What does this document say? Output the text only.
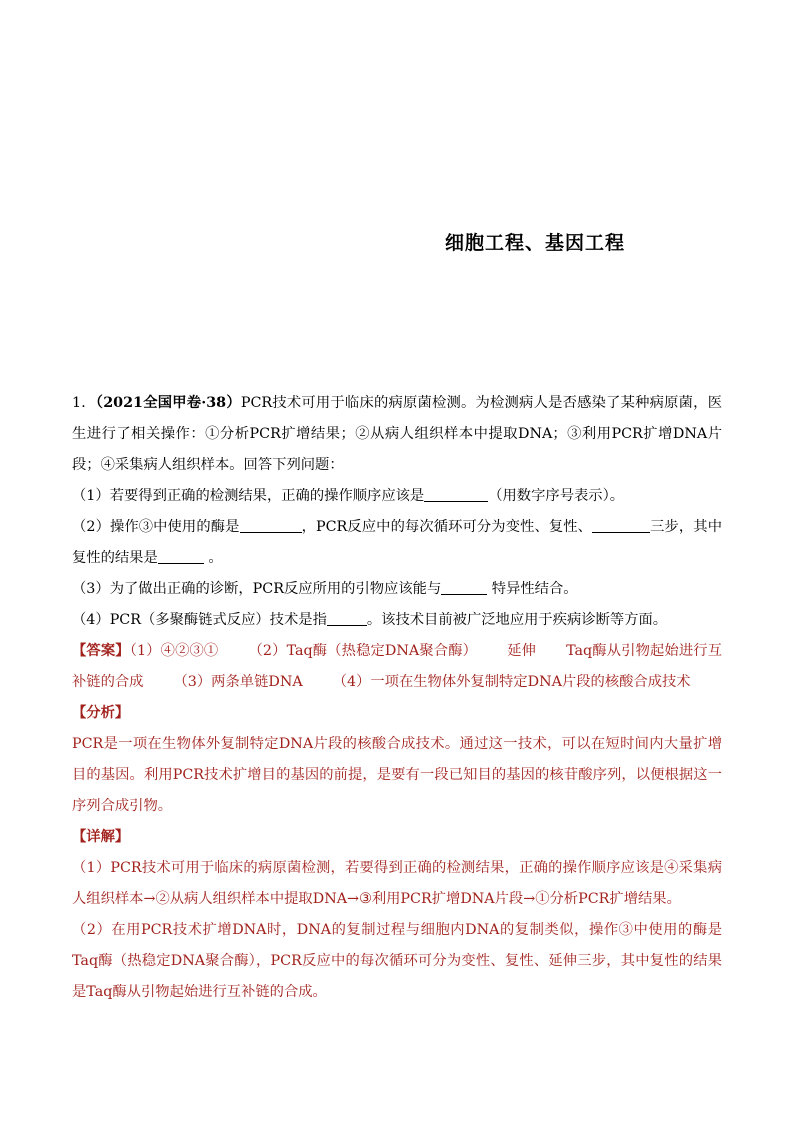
细胞工程、基因工程

1．（2021全国甲卷·38）PCR技术可用于临床的病原菌检测。为检测病人是否感染了某种病原菌，医生进行了相关操作：①分析PCR扩增结果；②从病人组织样本中提取DNA；③利用PCR扩增DNA片段；④采集病人组织样本。回答下列问题：

（1）若要得到正确的检测结果，正确的操作顺序应该是	（用数字序号表示）。

（2）操作③中使用的酶是	，PCR反应中的每次循环可分为变性、复性、	三步，其中复性的结果是	。

（3）为了做出正确的诊断，PCR反应所用的引物应该能与	特异性结合。

（4）PCR（多聚酶链式反应）技术是指	。该技术目前被广泛地应用于疾病诊断等方面。

【答案】（1）④②③① （2）Taq酶（热稳定DNA聚合酶） 延伸 Taq酶从引物起始进行互补链的合成 （3）两条单链DNA （4）一项在生物体外复制特定DNA片段的核酸合成技术

【分析】

PCR是一项在生物体外复制特定DNA片段的核酸合成技术。通过这一技术，可以在短时间内大量扩增目的基因。利用PCR技术扩增目的基因的前提，是要有一段已知目的基因的核苷酸序列，以便根据这一序列合成引物。

【详解】

（1）PCR技术可用于临床的病原菌检测，若要得到正确的检测结果，正确的操作顺序应该是④采集病人组织样本→②从病人组织样本中提取DNA→③利用PCR扩增DNA片段→①分析PCR扩增结果。

（2）在用PCR技术扩增DNA时，DNA的复制过程与细胞内DNA的复制类似，操作③中使用的酶是Taq酶（热稳定DNA聚合酶），PCR反应中的每次循环可分为变性、复性、延伸三步，其中复性的结果是Taq酶从引物起始进行互补链的合成。
